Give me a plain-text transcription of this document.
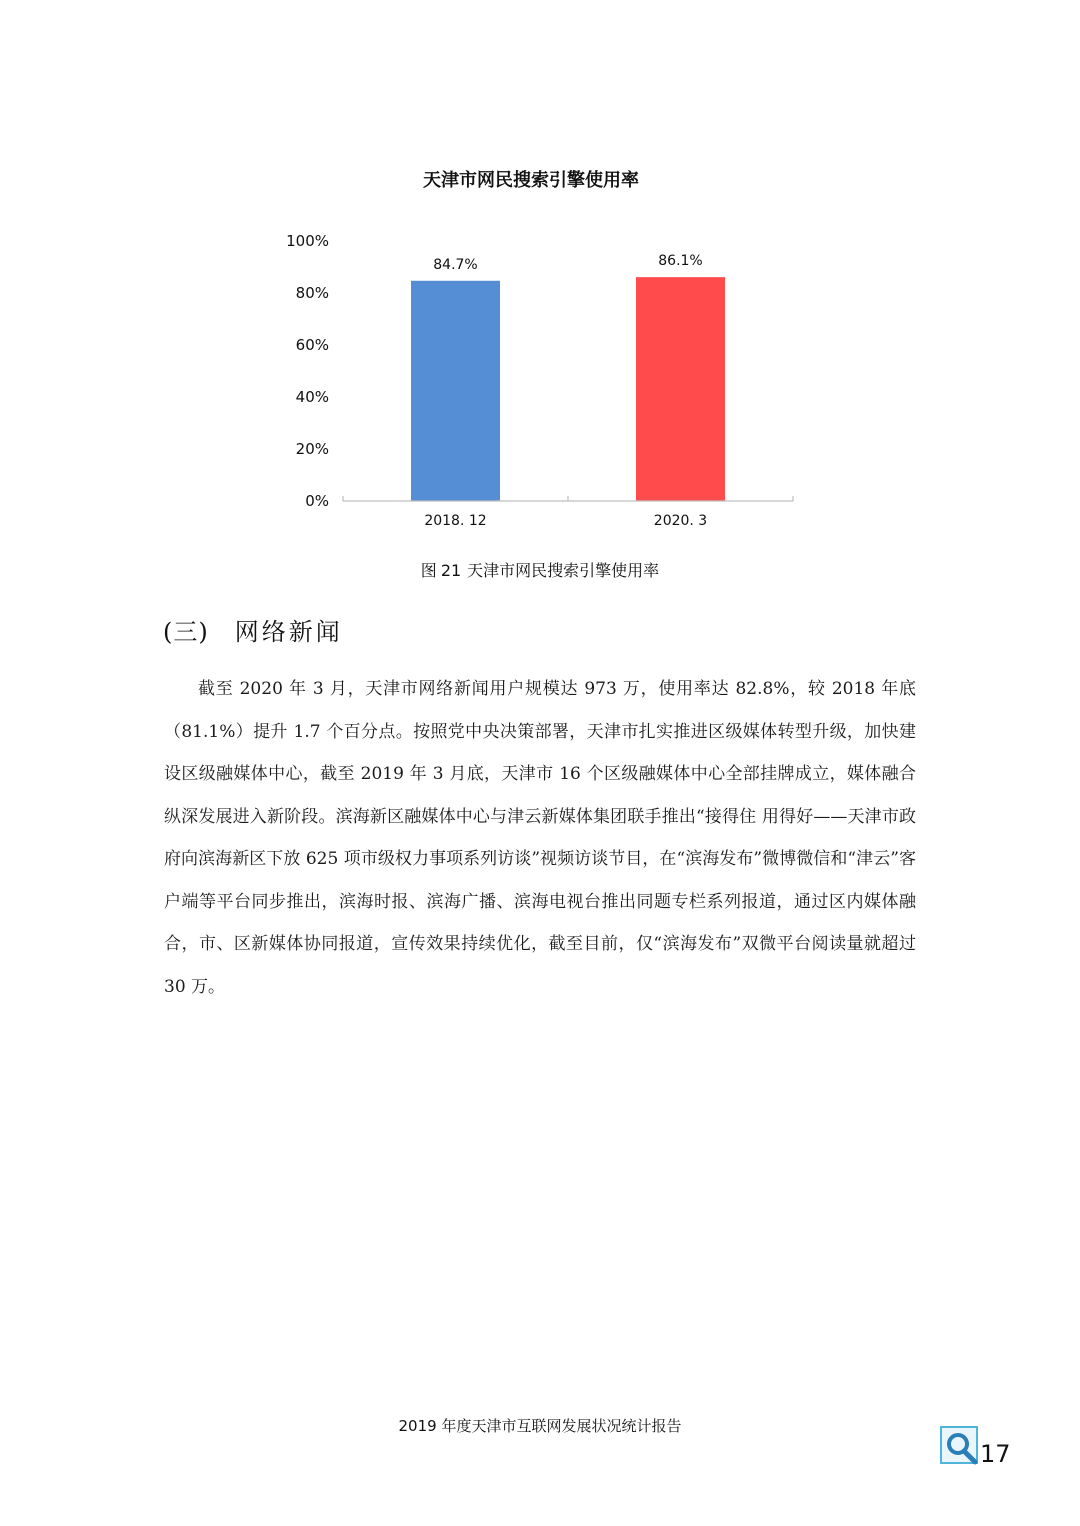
天津市网民搜索引擎使用率
0%
20%
40%
60%
80%
100%
84.7%	86.1%
2018. 12	2020. 3
图 21 天津市网民搜索引擎使用率
(三) 网络新闻

截至 2020 年 3 月，天津市网络新闻用户规模达 973 万，使用率达 82.8%，较 2018 年底（81.1%）提升 1.7 个百分点。按照党中央决策部署，天津市扎实推进区级媒体转型升级，加快建设区级融媒体中心，截至 2019 年 3 月底，天津市 16 个区级融媒体中心全部挂牌成立，媒体融合纵深发展进入新阶段。滨海新区融媒体中心与津云新媒体集团联手推出“接得住 用得好——天津市政府向滨海新区下放 625 项市级权力事项系列访谈”视频访谈节目，在“滨海发布”微博微信和“津云”客户端等平台同步推出，滨海时报、滨海广播、滨海电视台推出同题专栏系列报道，通过区内媒体融合，市、区新媒体协同报道，宣传效果持续优化，截至目前，仅“滨海发布”双微平台阅读量就超过 30 万。

2019 年度天津市互联网发展状况统计报告
17
